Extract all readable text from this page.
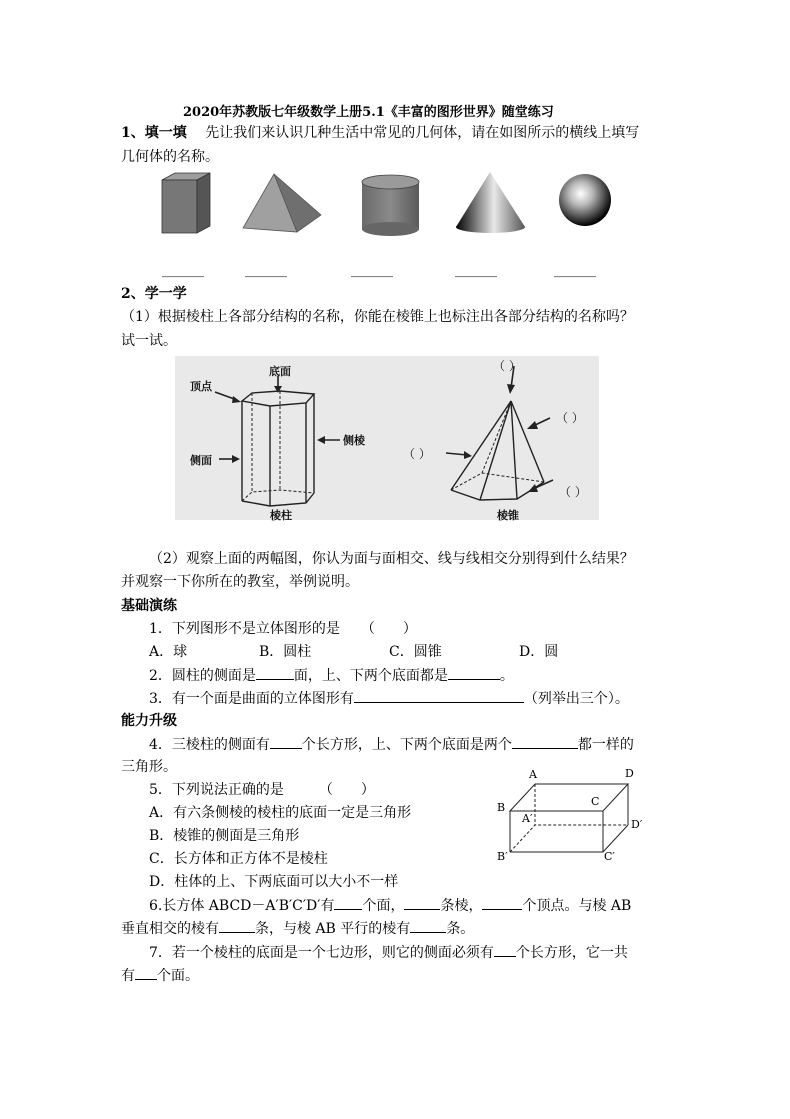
2020年苏教版七年级数学上册5.1《丰富的图形世界》随堂练习
1、填一填 先让我们来认识几种生活中常见的几何体，请在如图所示的横线上填写
几何体的名称。
______	______	______	______	______
2、学一学
（1）根据棱柱上各部分结构的名称，你能在棱锥上也标注出各部分结构的名称吗？
试一试。
底面
顶点
侧棱
侧面
棱柱
（ ）
（ ）
（ ）
（ ）
棱锥
（2）观察上面的两幅图，你认为面与面相交、线与线相交分别得到什么结果？
并观察一下你所在的教室，举例说明。
基础演练
1．下列图形不是立体图形的是　　（　　）
A．球	B．圆柱	C．圆锥	D．圆
2．圆柱的侧面是	面，上、下两个底面都是	。
3．有一个面是曲面的立体图形有	（列举出三个）。
能力升级
4．三棱柱的侧面有 个长方形，上、下两个底面是两个	都一样的
三角形。
5．下列说法正确的是　　　（　　）
A．有六条侧棱的棱柱的底面一定是三角形
B．棱锥的侧面是三角形
C．长方体和正方体不是棱柱
D．柱体的上、下两底面可以大小不一样
A	D
B	C
A′	D′
B′	C′
6.长方体 ABCD－A′B′C′D′有 个面，	条棱，	个顶点。与棱 AB
垂直相交的棱有	条，与棱 AB 平行的棱有	条。
7．若一个棱柱的底面是一个七边形，则它的侧面必须有 个长方形，它一共
有 个面。
